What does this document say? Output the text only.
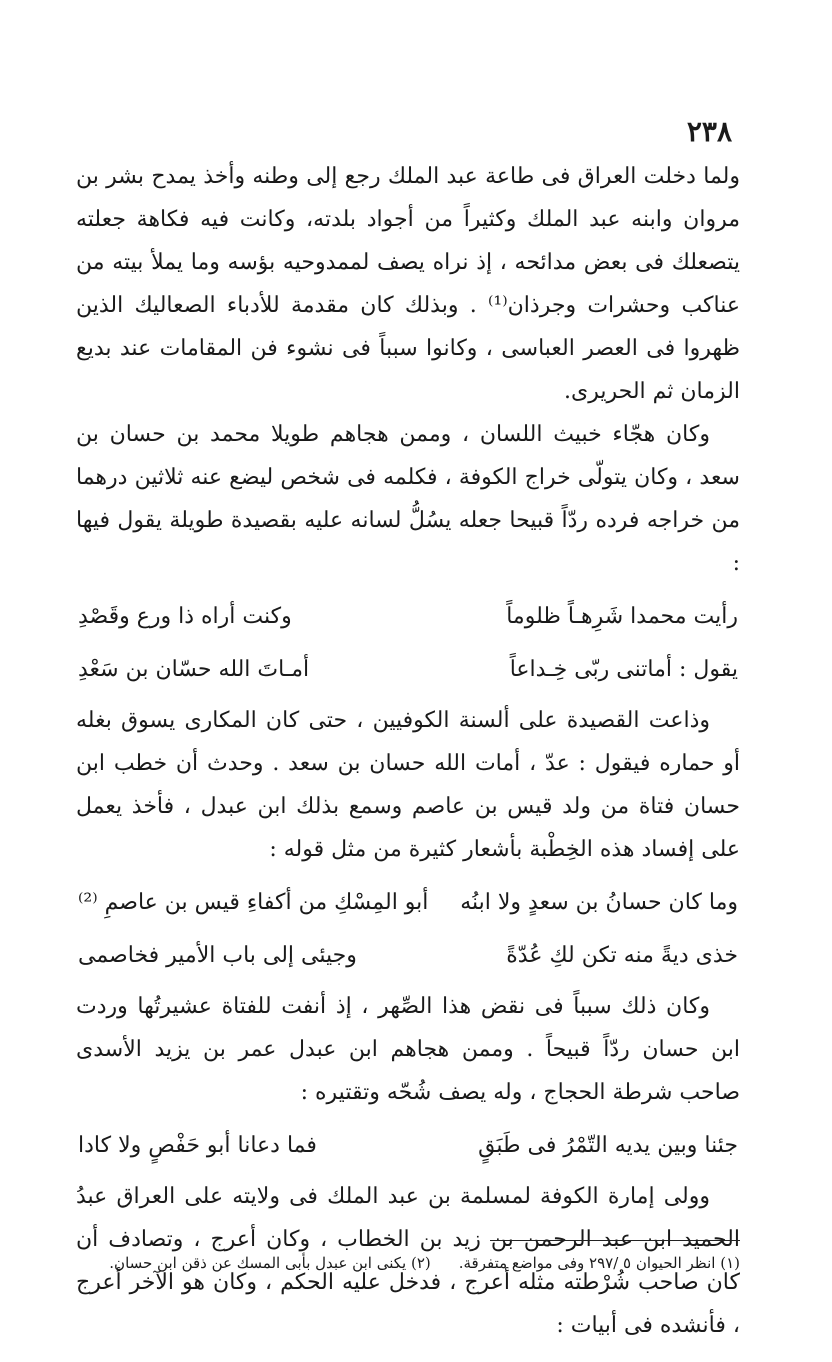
٢٣٨

ولما دخلت العراق فى طاعة عبد الملك رجع إلى وطنه وأخذ يمدح بشر بن مروان وابنه عبد الملك وكثيراً من أجواد بلدته، وكانت فيه فكاهة جعلته يتصعلك فى بعض مدائحه ، إذ نراه يصف لممدوحيه بؤسه وما يملأ بيته من عناكب وحشرات وجرذان⁽¹⁾ . وبذلك كان مقدمة للأدباء الصعاليك الذين ظهروا فى العصر العباسى ، وكانوا سبباً فى نشوء فن المقامات عند بديع الزمان ثم الحريرى.

وكان هجّاء خبيث اللسان ، وممن هجاهم طويلا محمد بن حسان بن سعد ، وكان يتولّى خراج الكوفة ، فكلمه فى شخص ليضع عنه ثلاثين درهما من خراجه فرده ردّاً قبيحا جعله يسُلُّ لسانه عليه بقصيدة طويلة يقول فيها :

رأيت محمدا شَرِهـاً ظلوماً
وكنت أراه ذا ورع وقَصْدِ
يقول : أماتنى ربّى خِـداعاً
أمـاتَ الله حسّان بن سَعْدِ

وذاعت القصيدة على ألسنة الكوفيين ، حتى كان المكارى يسوق بغله أو حماره فيقول : عدّ ، أمات الله حسان بن سعد . وحدث أن خطب ابن حسان فتاة من ولد قيس بن عاصم وسمع بذلك ابن عبدل ، فأخذ يعمل على إفساد هذه الخِطْبة بأشعار كثيرة من مثل قوله :

وما كان حسانُ بن سعدٍ ولا ابنُه
أبو المِسْكِ من أكفاءِ قيس بن عاصمِ ⁽²⁾
خذى ديةً منه تكن لكِ عُدّةً
وجيئى إلى باب الأمير فخاصمى

وكان ذلك سبباً فى نقض هذا الصِّهر ، إذ أنفت للفتاة عشيرتُها وردت ابن حسان ردّاً قبيحاً . وممن هجاهم ابن عبدل عمر بن يزيد الأسدى صاحب شرطة الحجاج ، وله يصف شُحّه وتقتيره :

جئنا وبين يديه التّمْرُ فى طَبَقٍ
فما دعانا أبو حَفْصٍ ولا كادا

وولى إمارة الكوفة لمسلمة بن عبد الملك فى ولايته على العراق عبدُ الحميد ابن عبد الرحمن بن زيد بن الخطاب ، وكان أعرج ، وتصادف أن كان صاحب شُرْطته مثله أعرج ، فدخل عليه الحكم ، وكان هو الآخر أعرج ، فأنشده فى أبيات :

(١) انظر الحيوان ٥ /٢٩٧ وفى مواضع متفرقة.
(٢) يكنى ابن عبدل بأبى المسك عن ذقن ابن حسان.
